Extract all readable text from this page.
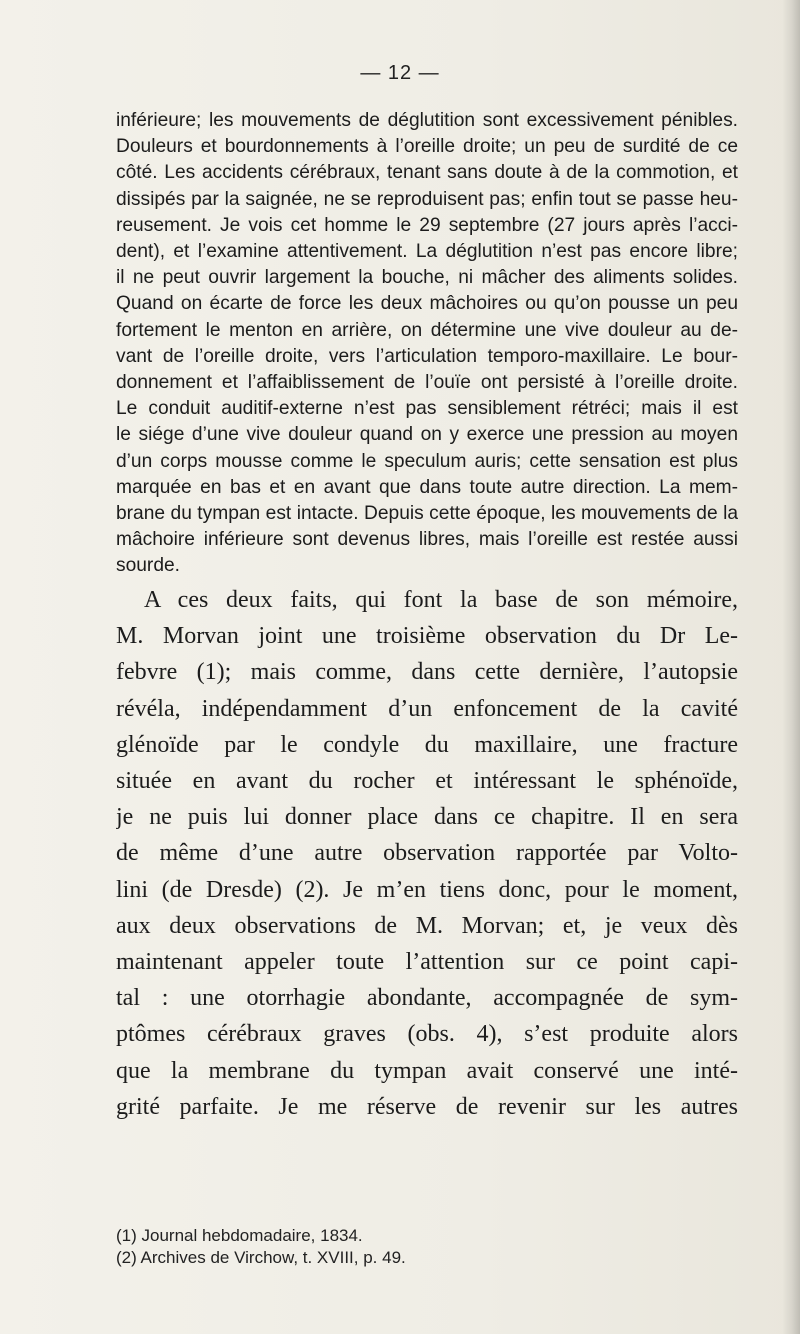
— 12 —
inférieure; les mouvements de déglutition sont excessivement pénibles.
Douleurs et bourdonnements à l’oreille droite; un peu de surdité de ce
côté. Les accidents cérébraux, tenant sans doute à de la commotion, et
dissipés par la saignée, ne se reproduisent pas; enfin tout se passe heu-
reusement. Je vois cet homme le 29 septembre (27 jours après l’acci-
dent), et l’examine attentivement. La déglutition n’est pas encore libre;
il ne peut ouvrir largement la bouche, ni mâcher des aliments solides.
Quand on écarte de force les deux mâchoires ou qu’on pousse un peu
fortement le menton en arrière, on détermine une vive douleur au de-
vant de l’oreille droite, vers l’articulation temporo-maxillaire. Le bour-
donnement et l’affaiblissement de l’ouïe ont persisté à l’oreille droite.
Le conduit auditif-externe n’est pas sensiblement rétréci; mais il est
le siége d’une vive douleur quand on y exerce une pression au moyen
d’un corps mousse comme le speculum auris; cette sensation est plus
marquée en bas et en avant que dans toute autre direction. La mem-
brane du tympan est intacte. Depuis cette époque, les mouvements de la
mâchoire inférieure sont devenus libres, mais l’oreille est restée aussi
sourde.
A ces deux faits, qui font la base de son mémoire,
M. Morvan joint une troisième observation du Dr Le-
febvre (1); mais comme, dans cette dernière, l’autopsie
révéla, indépendamment d’un enfoncement de la cavité
glénoïde par le condyle du maxillaire, une fracture
située en avant du rocher et intéressant le sphénoïde,
je ne puis lui donner place dans ce chapitre. Il en sera
de même d’une autre observation rapportée par Volto-
lini (de Dresde) (2). Je m’en tiens donc, pour le moment,
aux deux observations de M. Morvan; et, je veux dès
maintenant appeler toute l’attention sur ce point capi-
tal : une otorrhagie abondante, accompagnée de sym-
ptômes cérébraux graves (obs. 4), s’est produite alors
que la membrane du tympan avait conservé une inté-
grité parfaite. Je me réserve de revenir sur les autres
(1) Journal hebdomadaire, 1834.
(2) Archives de Virchow, t. XVIII, p. 49.
